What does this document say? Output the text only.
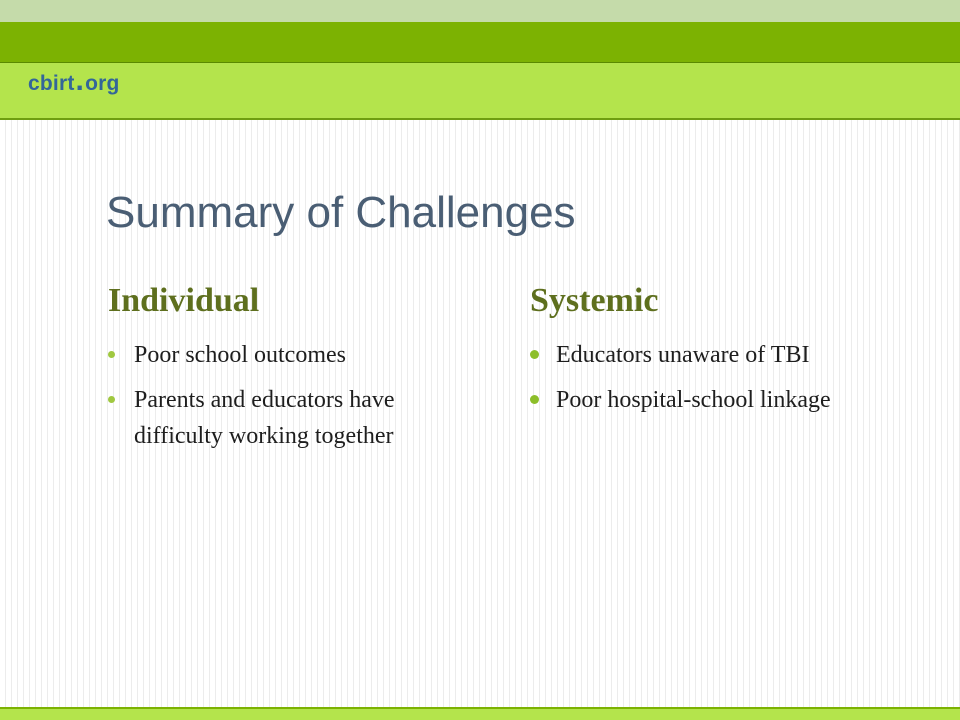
cbirt.org
Summary of Challenges
Individual
Poor school outcomes
Parents and educators have difficulty working together
Systemic
Educators unaware of TBI
Poor hospital-school linkage
